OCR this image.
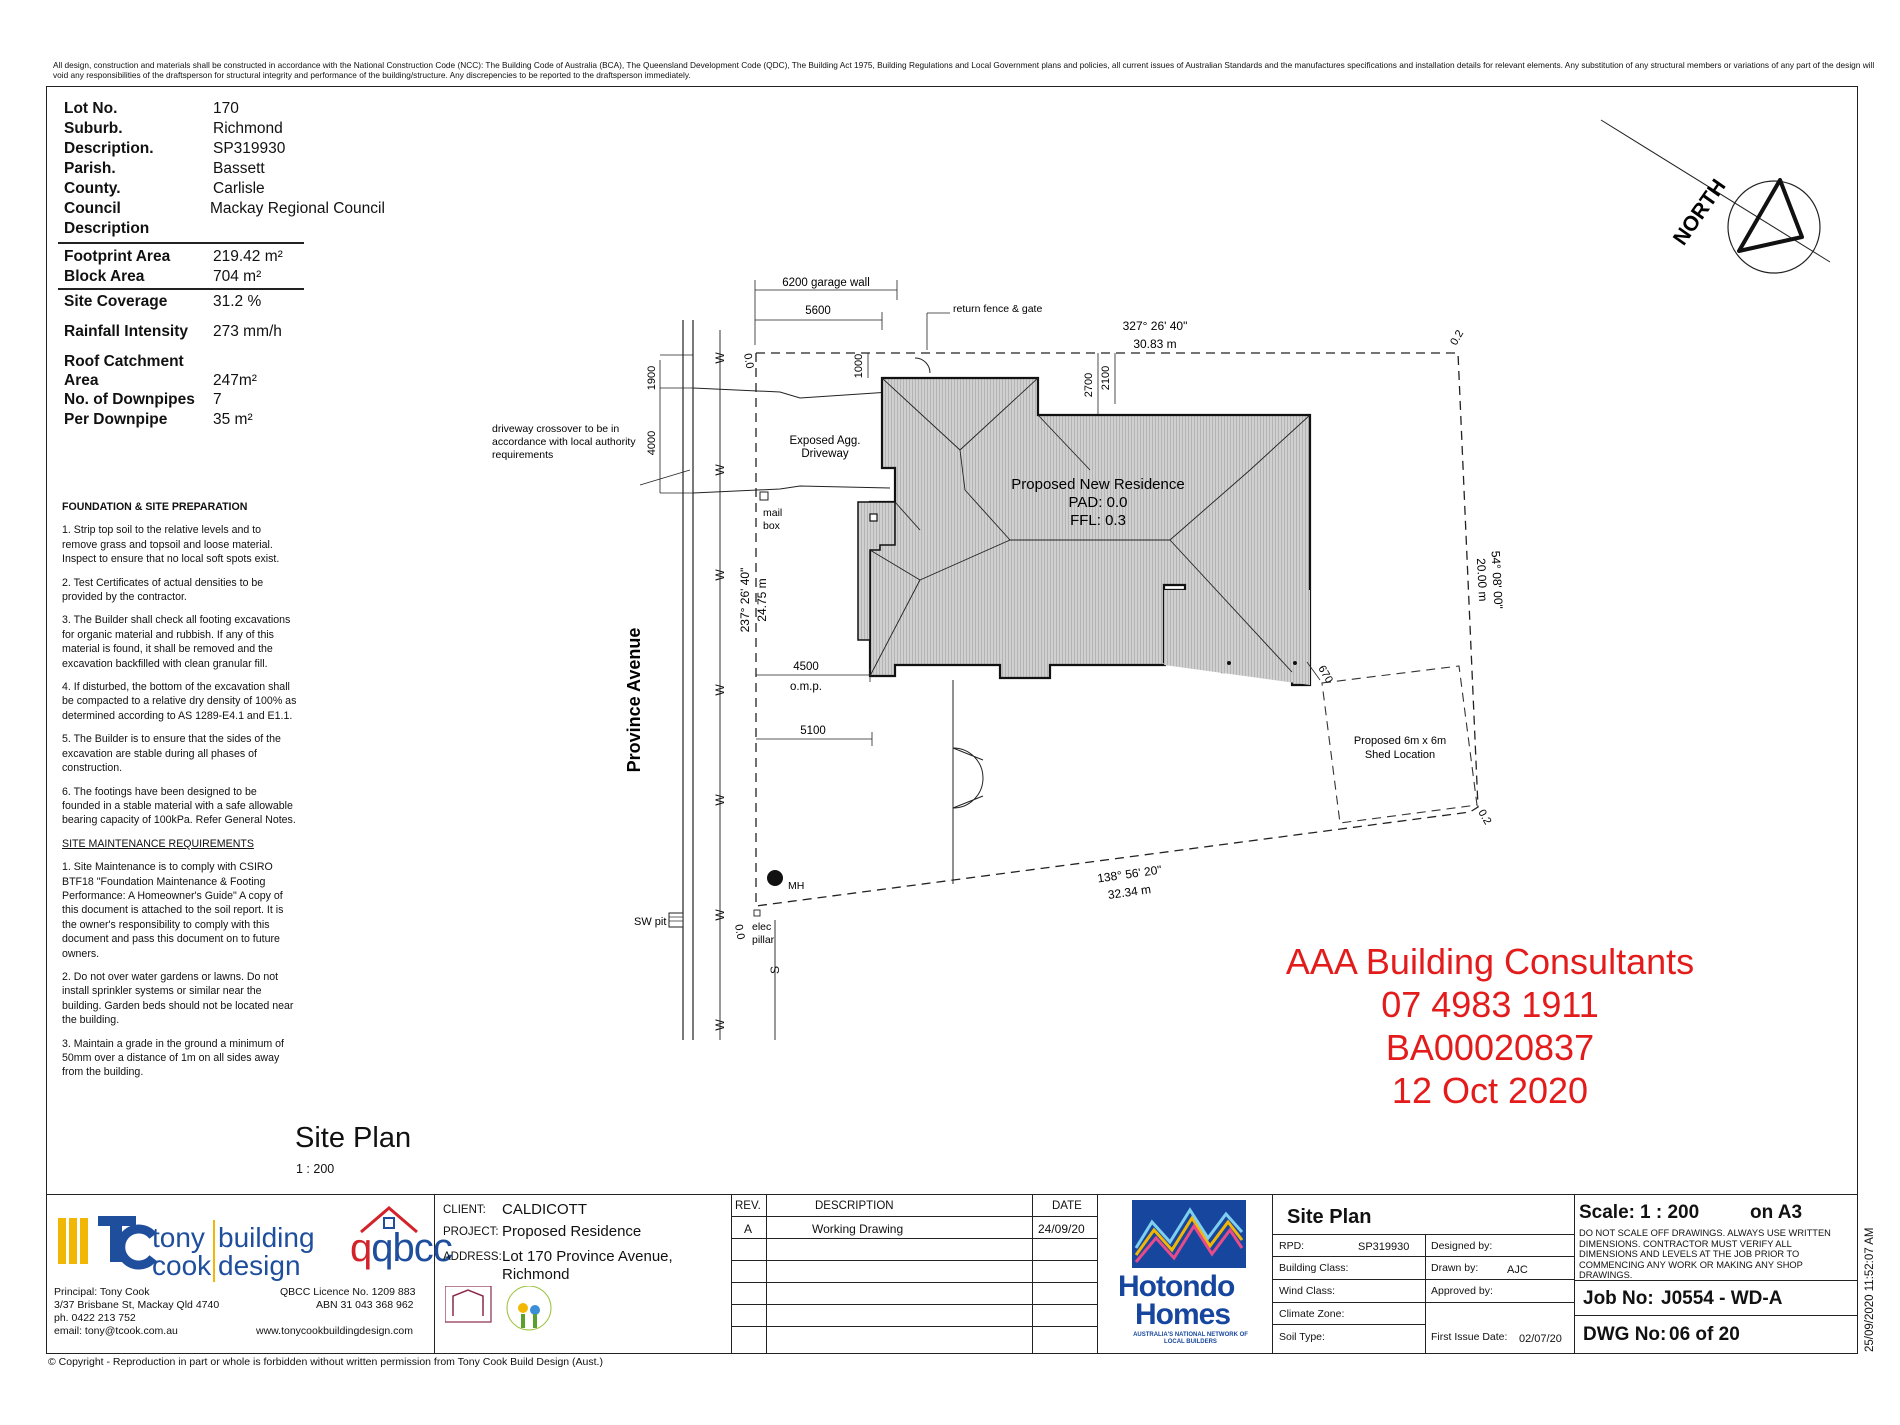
All design, construction and materials shall be constructed in accordance with the National Construction Code (NCC): The Building Code of Australia (BCA), The Queensland Development Code (QDC), The Building Act 1975, Building Regulations and Local Government plans and policies, all current issues of Australian Standards and the manufactures specifications and installation details for relevant elements. Any substitution of any structural members or variations of any part of the design will void any responsibilities of the draftsperson for structural integrity and performance of the building/structure. Any discrepencies to be reported to the draftsperson immediately.
Lot No.	170
Suburb.	Richmond
Description.	SP319930
Parish.	Bassett
County.	Carlisle
Council	Mackay Regional Council
Description
Footprint Area	219.42 m²
Block Area	704 m²
Site Coverage	31.2 %
Rainfall Intensity 273 mm/h
Roof Catchment
Area	247m²
No. of Downpipes 7
Per Downpipe	35 m²

FOUNDATION & SITE PREPARATION

1. Strip top soil to the relative levels and to remove grass and topsoil and loose material. Inspect to ensure that no local soft spots exist.

2. Test Certificates of actual densities to be provided by the contractor.

3. The Builder shall check all footing excavations for organic material and rubbish. If any of this material is found, it shall be removed and the excavation backfilled with clean granular fill.

4. If disturbed, the bottom of the excavation shall be compacted to a relative dry density of 100% as determined according to AS 1289-E4.1 and E1.1.

5. The Builder is to ensure that the sides of the excavation are stable during all phases of construction.

6. The footings have been designed to be founded in a stable material with a safe allowable bearing capacity of 100kPa. Refer General Notes.

SITE MAINTENANCE REQUIREMENTS

1. Site Maintenance is to comply with CSIRO BTF18 "Foundation Maintenance & Footing Performance: A Homeowner's Guide" A copy of this document is attached to the soil report. It is the owner's responsibility to comply with this document and pass this document on to future owners.

2. Do not over water gardens or lawns. Do not install sprinkler systems or similar near the building. Garden beds should not be located near the building.

3. Maintain a grade in the ground a minimum of 50mm over a distance of 1m on all sides away from the building.

Site Plan
1 : 200
Province Avenue
W
W
W
W
W
W
W
S
1900
4000
driveway crossover to be in
accordance with local authority
requirements
return fence & gate
Proposed New Residence
PAD: 0.0
FFL: 0.3
Exposed Agg.
Driveway
mail
box
Proposed 6m x 6m
Shed Location
670
6200 garage wall
5600
1000
2700 2100
327° 26' 40"
30.83 m
54° 08' 00"
20.00 m
138° 56' 20"
32.34 m
237° 26' 40" 24.75 m
4500
o.m.p.
5100
0.0
0.2
0.2
0.0
MH
SW pit	elec
pillar
NORTH
AAA Building Consultants
07 4983 1911
BA00020837
12 Oct 2020
tony
cook
building
design qqbcc
Principal: Tony Cook
3/37 Brisbane St, Mackay Qld 4740
ph. 0422 213 752
email: tony@tcook.com.au
QBCC Licence No. 1209 883
ABN 31 043 368 962
www.tonycookbuildingdesign.com
CLIENT: CALDICOTT
PROJECT: Proposed Residence
ADDRESS: Lot 170 Province Avenue,
Richmond
REV.	DESCRIPTION	DATE
A	Working Drawing	24/09/20
Hotondo
Homes
AUSTRALIA'S NATIONAL NETWORK OF LOCAL BUILDERS
Site Plan
RPD:	SP319930 Designed by:
Building Class:	Drawn by:	AJC
Wind Class:	Approved by:
Climate Zone:
Soil Type:	First Issue Date: 02/07/20
Scale: 1 : 200	on A3
DO NOT SCALE OFF DRAWINGS. ALWAYS USE WRITTEN DIMENSIONS. CONTRACTOR MUST VERIFY ALL DIMENSIONS AND LEVELS AT THE JOB PRIOR TO COMMENCING ANY WORK OR MAKING ANY SHOP DRAWINGS.
Job No: J0554 - WD-A
DWG No: 06 of 20
© Copyright - Reproduction in part or whole is forbidden without written permission from Tony Cook Build Design (Aust.)
25/09/2020 11:52:07 AM
